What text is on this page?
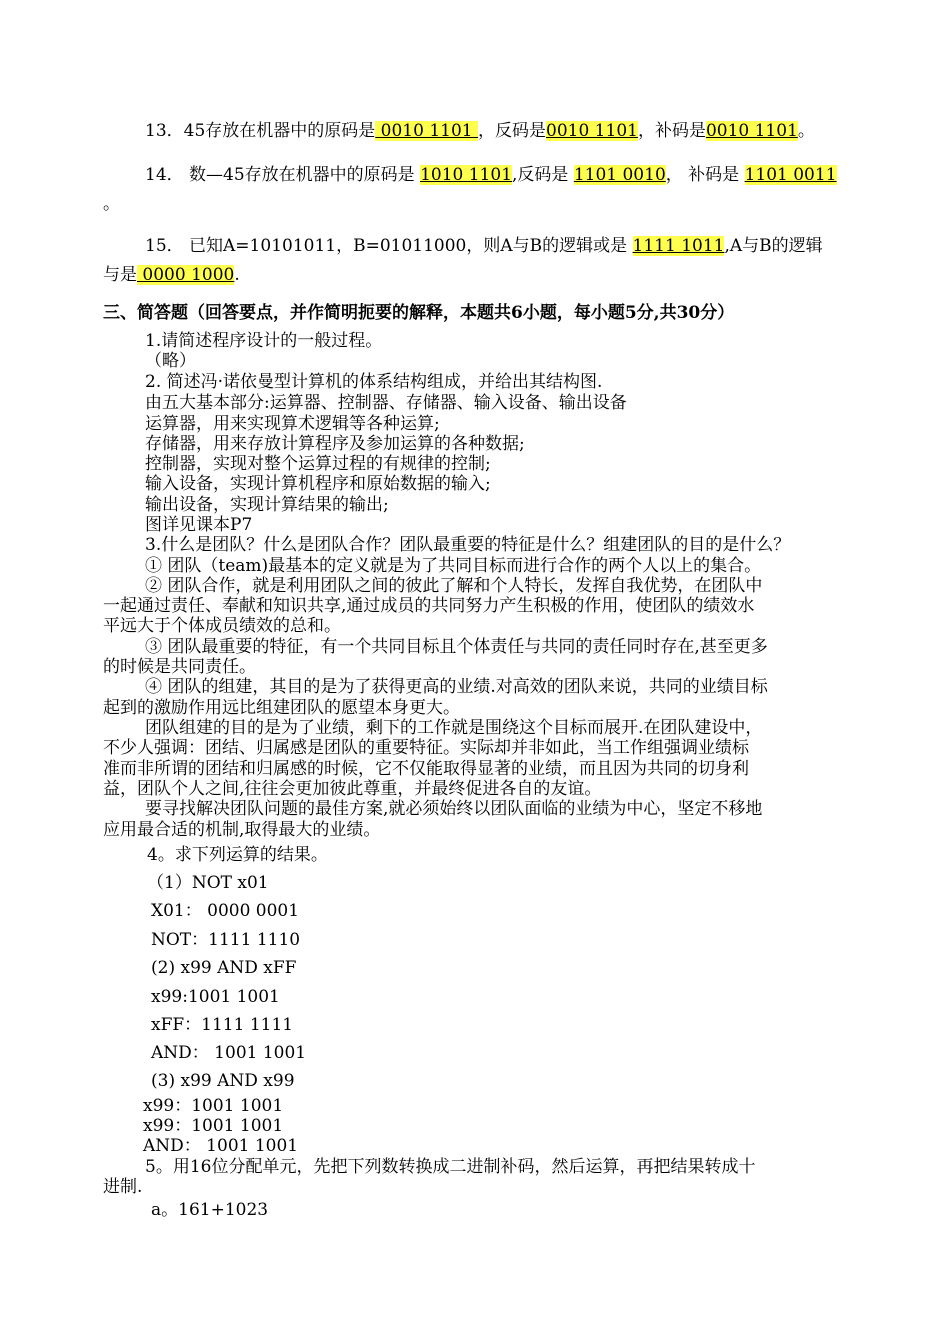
13．45存放在机器中的原码是 0010 1101 ，反码是0010 1101，补码是0010 1101。
14． 数—45存放在机器中的原码是 1010 1101,反码是 1101 0010， 补码是 1101 0011
。
15． 已知A=10101011，B=01011000，则A与B的逻辑或是 1111 1011,A与B的逻辑
与是 0000 1000.
三、简答题（回答要点，并作简明扼要的解释，本题共6小题，每小题5分,共30分）
1.请简述程序设计的一般过程。
（略）
2. 简述冯·诺依曼型计算机的体系结构组成，并给出其结构图.
由五大基本部分:运算器、控制器、存储器、输入设备、输出设备
运算器，用来实现算术逻辑等各种运算;
存储器，用来存放计算程序及参加运算的各种数据;
控制器，实现对整个运算过程的有规律的控制;
输入设备，实现计算机程序和原始数据的输入;
输出设备，实现计算结果的输出;
图详见课本P7
3.什么是团队？什么是团队合作？团队最重要的特征是什么？组建团队的目的是什么？
① 团队（team)最基本的定义就是为了共同目标而进行合作的两个人以上的集合。
② 团队合作，就是利用团队之间的彼此了解和个人特长，发挥自我优势，在团队中
一起通过责任、奉献和知识共享,通过成员的共同努力产生积极的作用，使团队的绩效水
平远大于个体成员绩效的总和。
③ 团队最重要的特征，有一个共同目标且个体责任与共同的责任同时存在,甚至更多
的时候是共同责任。
④ 团队的组建，其目的是为了获得更高的业绩.对高效的团队来说，共同的业绩目标
起到的激励作用远比组建团队的愿望本身更大。
团队组建的目的是为了业绩，剩下的工作就是围绕这个目标而展开.在团队建设中，
不少人强调：团结、归属感是团队的重要特征。实际却并非如此，当工作组强调业绩标
准而非所谓的团结和归属感的时候，它不仅能取得显著的业绩，而且因为共同的切身利
益，团队个人之间,往往会更加彼此尊重，并最终促进各自的友谊。
要寻找解决团队问题的最佳方案,就必须始终以团队面临的业绩为中心，坚定不移地
应用最合适的机制,取得最大的业绩。
4。求下列运算的结果。
（1）NOT x01
X01： 0000 0001
NOT：1111 1110
(2) x99 AND xFF
x99:1001 1001
xFF：1111 1111
AND： 1001 1001
(3) x99 AND x99
x99：1001 1001
x99：1001 1001
AND： 1001 1001
5。用16位分配单元，先把下列数转换成二进制补码，然后运算，再把结果转成十
进制.
a。161+1023
